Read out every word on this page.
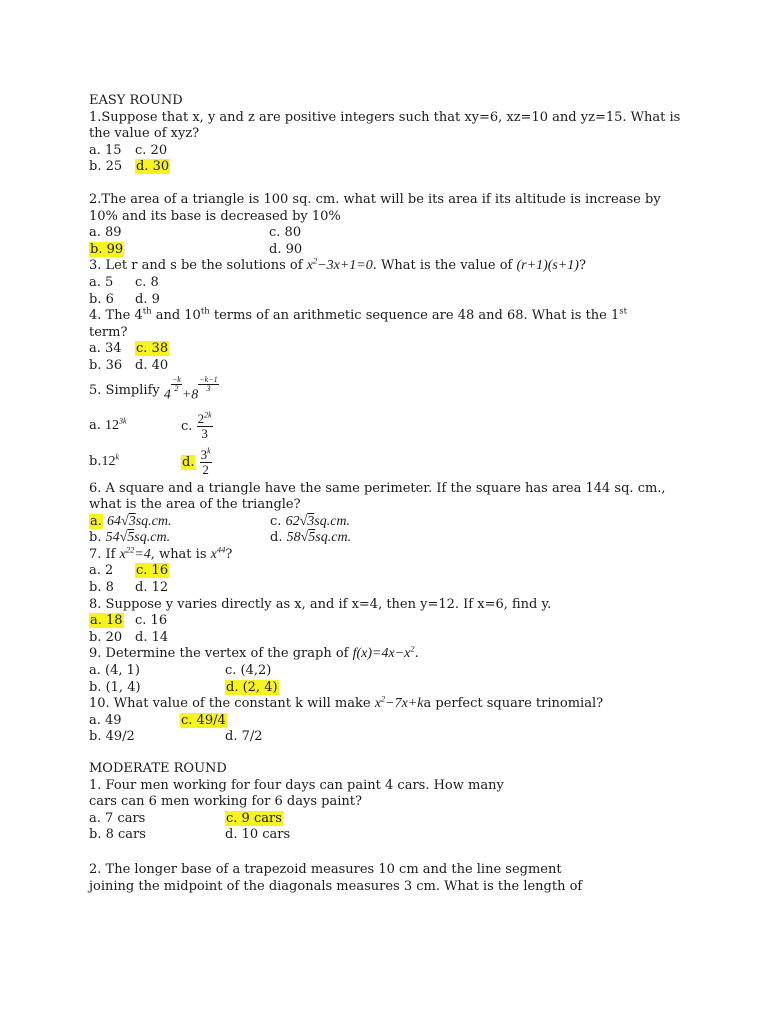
EASY ROUND
1.Suppose that x, y and z are positive integers such that xy=6, xz=10 and yz=15. What is the value of xyz?
a. 15 c. 20
b. 25 d. 30
2.The area of a triangle is 100 sq. cm. what will be its area if its altitude is increase by 10% and its base is decreased by 10%
a. 89	c. 80
b. 99	d. 90
3. Let r and s be the solutions of $x^2-3x+1=0$. What is the value of (r+1)(s+1)?
a. 5 c. 8
b. 6 d. 9
4. The 4th and 10th terms of an arithmetic sequence are 48 and 68. What is the 1st
term?
a. 34 c. 38
b. 36 d. 40
5. Simplify
4
$\frac{-k}{2}$
+8
$\frac{-k-1}{3}$
a. $12^{3k}$	c. $\frac{2^{2k}}{3}$
b.12$^k$	d. $\frac{3^k}{2}$
6. A square and a triangle have the same perimeter. If the square has area 144 sq. cm., what is the area of the triangle?
a. 64√3sq.cm.	c. 62√3sq.cm.
b. 54√5sq.cm.	d. 58√5sq.cm.
7. If $x^{22}=4$, what is $x^{44}$?
a. 2 c. 16
b. 8 d. 12
8. Suppose y varies directly as x, and if x=4, then y=12. If x=6, find y.
a. 18 c. 16
b. 20 d. 14
9. Determine the vertex of the graph of $f(x)=4x-x^2$.
a. (4, 1)	c. (4,2)
b. (1, 4)	d. (2, 4)
10. What value of the constant k will make $x^2-7x+ka$ perfect square trinomial?
a. 49	c. 49/4
b. 49/2	d. 7/2
MODERATE ROUND
1. Four men working for four days can paint 4 cars. How many
cars can 6 men working for 6 days paint?
a. 7 cars	c. 9 cars
b. 8 cars	d. 10 cars
2. The longer base of a trapezoid measures 10 cm and the line segment
joining the midpoint of the diagonals measures 3 cm. What is the length of
